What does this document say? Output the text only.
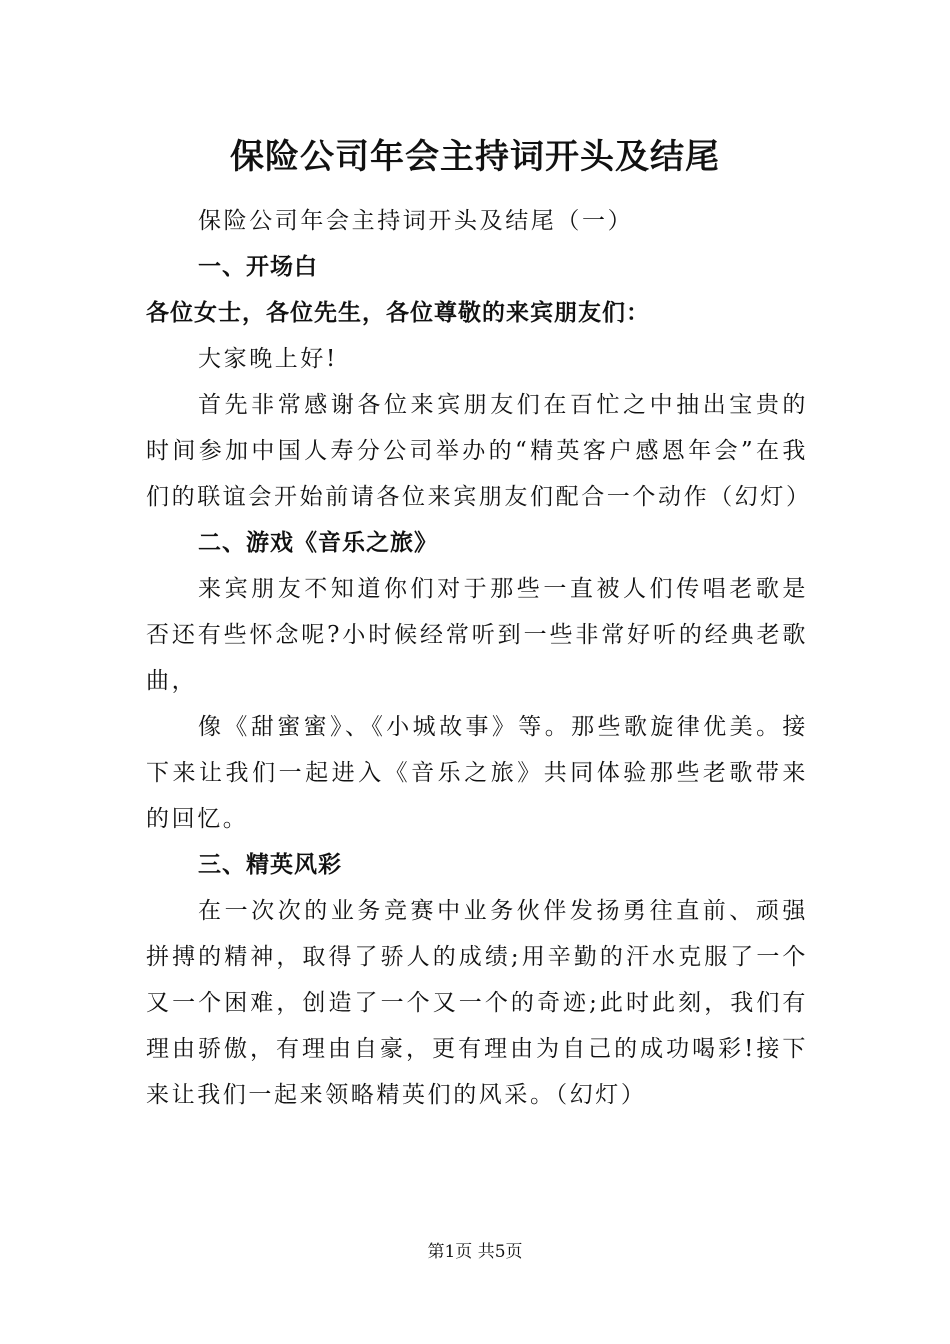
保险公司年会主持词开头及结尾

保险公司年会主持词开头及结尾（一）

一、开场白

各位女士，各位先生，各位尊敬的来宾朋友们：

大家晚上好!

首先非常感谢各位来宾朋友们在百忙之中抽出宝贵的时间参加中国人寿分公司举办的“精英客户感恩年会”在我们的联谊会开始前请各位来宾朋友们配合一个动作（幻灯）

二、游戏《音乐之旅》

来宾朋友不知道你们对于那些一直被人们传唱老歌是否还有些怀念呢?小时候经常听到一些非常好听的经典老歌曲，

像《甜蜜蜜》、《小城故事》等。那些歌旋律优美。接下来让我们一起进入《音乐之旅》共同体验那些老歌带来的回忆。

三、精英风彩

在一次次的业务竞赛中业务伙伴发扬勇往直前、顽强拼搏的精神，取得了骄人的成绩;用辛勤的汗水克服了一个又一个困难，创造了一个又一个的奇迹;此时此刻，我们有理由骄傲，有理由自豪，更有理由为自己的成功喝彩!接下来让我们一起来领略精英们的风采。（幻灯）

第1页 共5页
